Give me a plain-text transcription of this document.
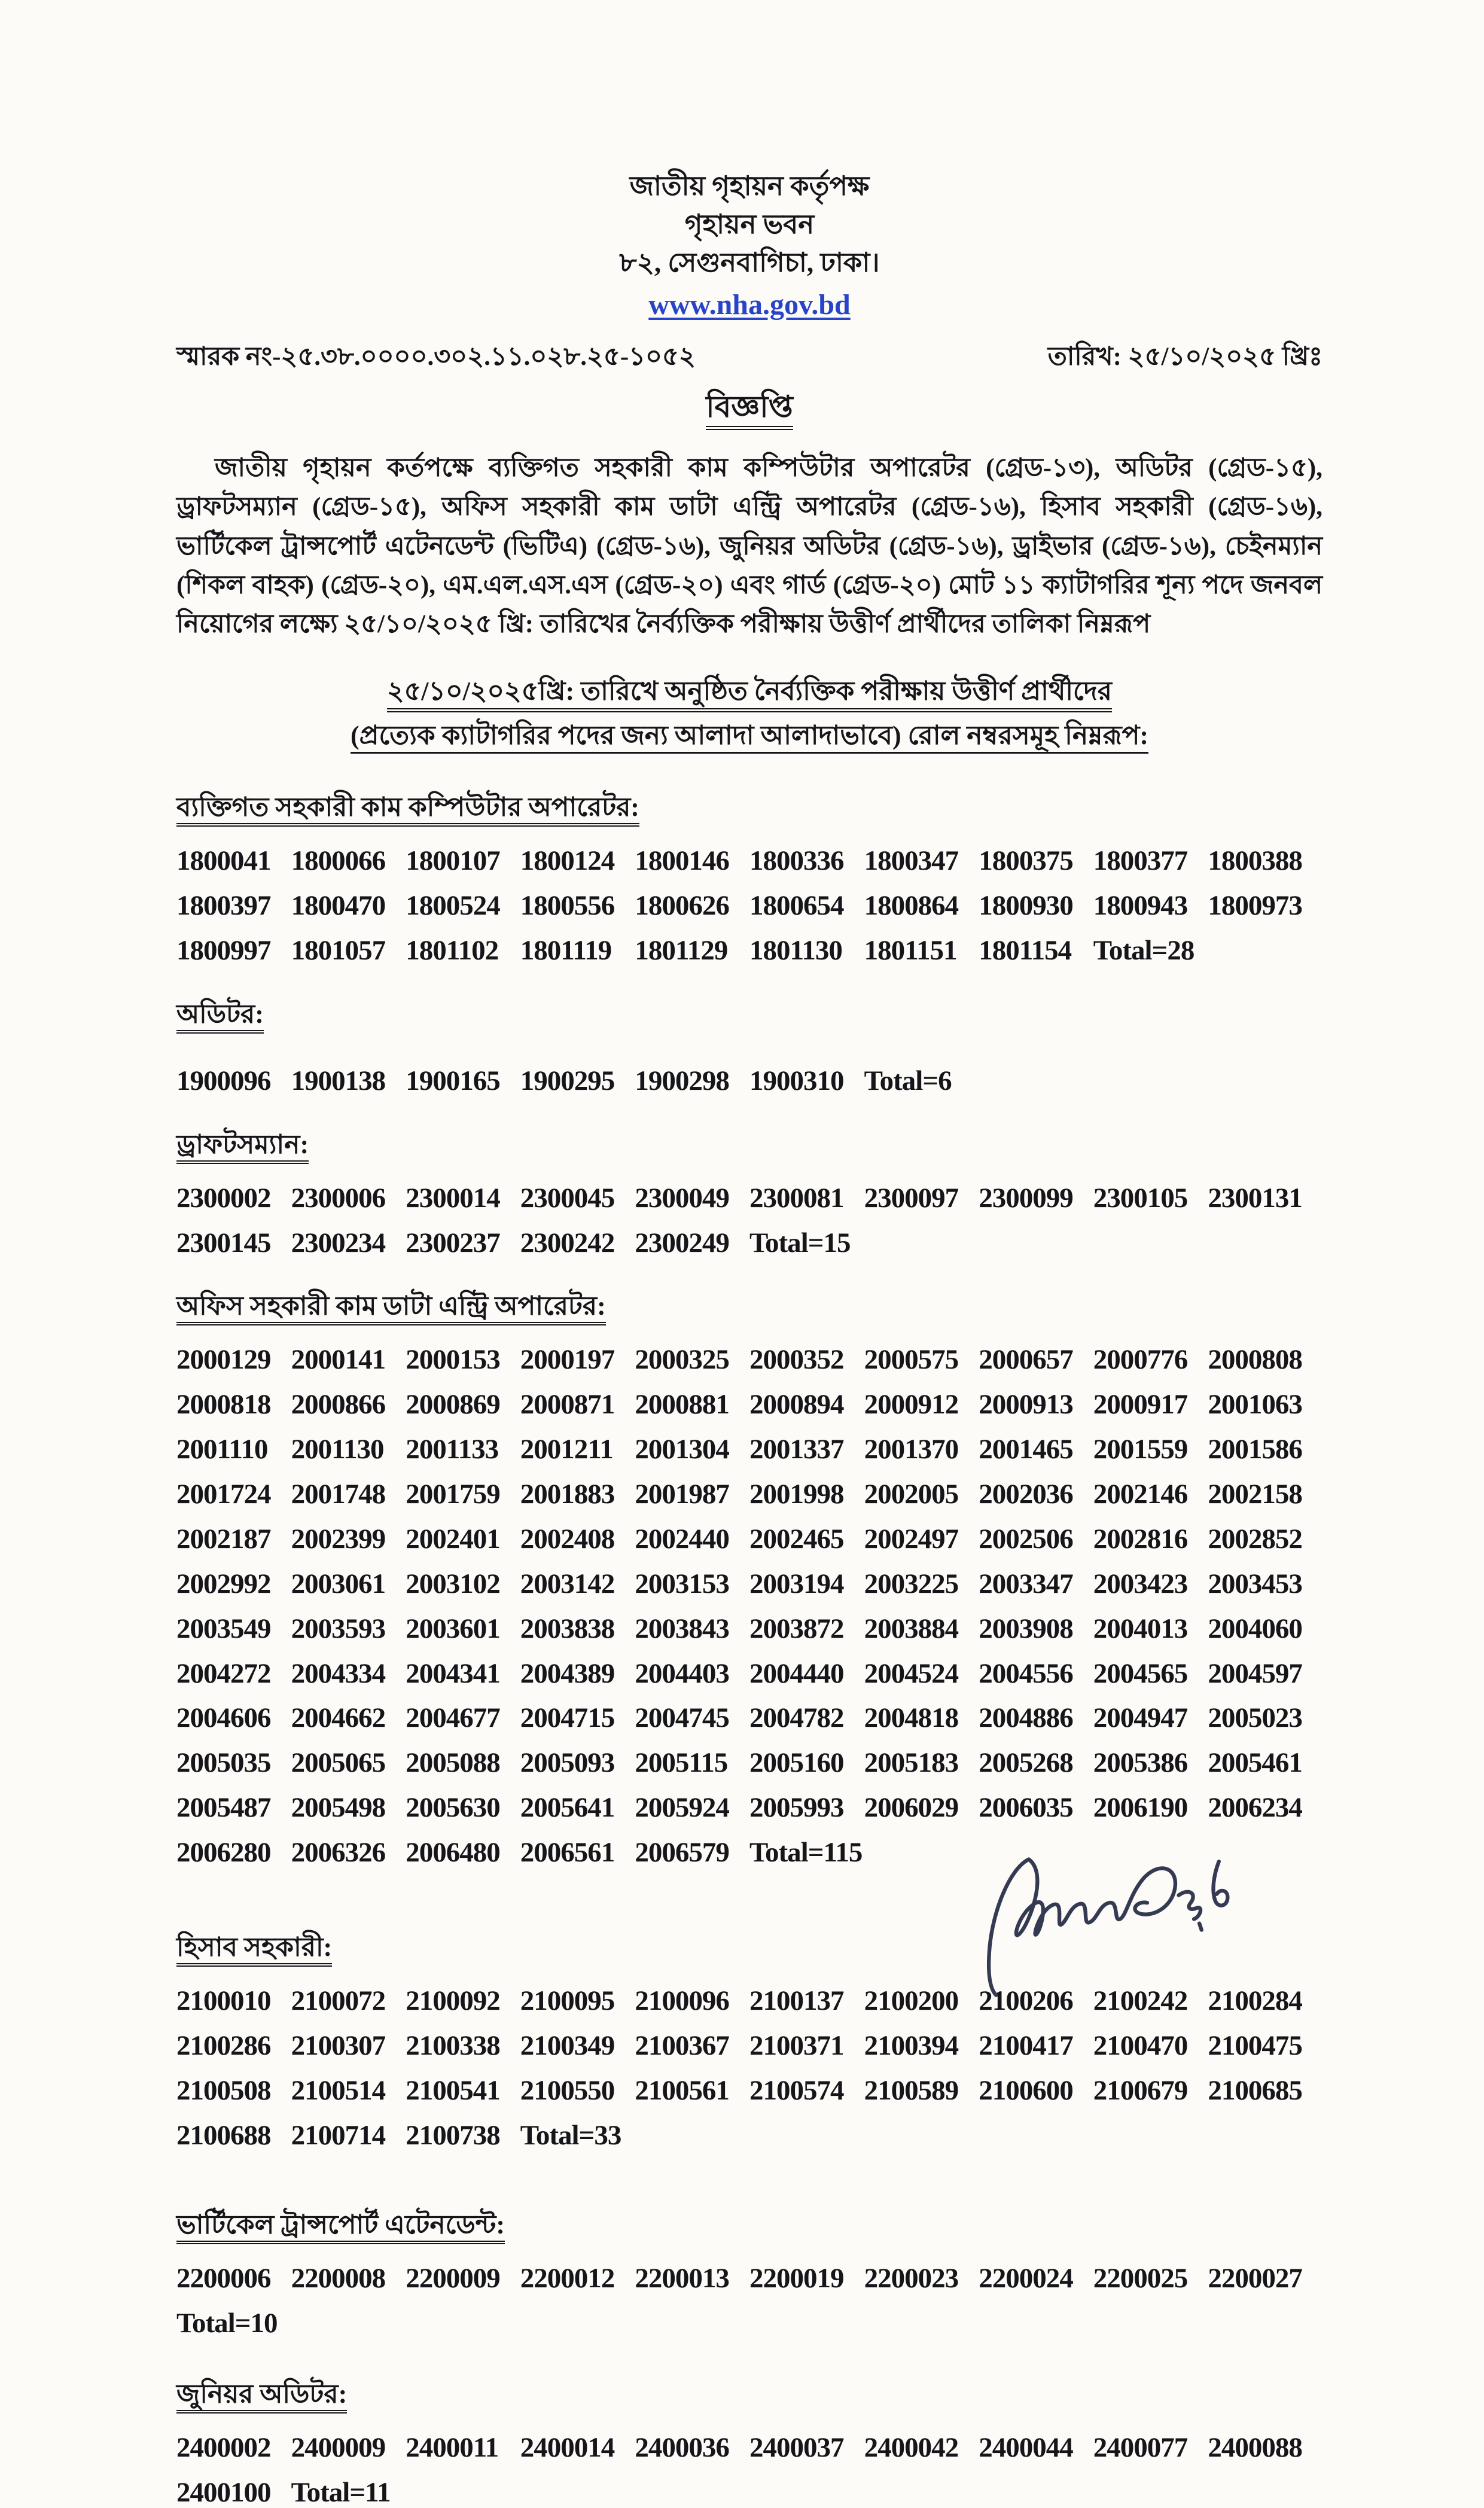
জাতীয় গৃহায়ন কর্তৃপক্ষ
গৃহায়ন ভবন
৮২, সেগুনবাগিচা, ঢাকা।
www.nha.gov.bd
স্মারক নং-২৫.৩৮.০০০০.৩০২.১১.০২৮.২৫-১০৫২	তারিখ: ২৫/১০/২০২৫ খ্রিঃ
বিজ্ঞপ্তি
জাতীয় গৃহায়ন কর্তপক্ষে ব্যক্তিগত সহকারী কাম কম্পিউটার অপারেটর (গ্রেড-১৩), অডিটর (গ্রেড-১৫), ড্রাফটসম্যান (গ্রেড-১৫), অফিস সহকারী কাম ডাটা এন্ট্রি অপারেটর (গ্রেড-১৬), হিসাব সহকারী (গ্রেড-১৬), ভার্টিকেল ট্রান্সপোর্ট এটেনডেন্ট (ভিটিএ) (গ্রেড-১৬), জুনিয়র অডিটর (গ্রেড-১৬), ড্রাইভার (গ্রেড-১৬), চেইনম্যান (শিকল বাহক) (গ্রেড-২০), এম.এল.এস.এস (গ্রেড-২০) এবং গার্ড (গ্রেড-২০) মোট ১১ ক্যাটাগরির শূন্য পদে জনবল নিয়োগের লক্ষ্যে ২৫/১০/২০২৫ খ্রি: তারিখের নৈর্ব্যক্তিক পরীক্ষায় উত্তীর্ণ প্রার্থীদের তালিকা নিম্নরূপ
২৫/১০/২০২৫খ্রি: তারিখে অনুষ্ঠিত নৈর্ব্যক্তিক পরীক্ষায় উত্তীর্ণ প্রার্থীদের
(প্রত্যেক ক্যাটাগরির পদের জন্য আলাদা আলাদাভাবে) রোল নম্বরসমূহ নিম্নরূপ:
ব্যক্তিগত সহকারী কাম কম্পিউটার অপারেটর:
1800041 1800066 1800107 1800124 1800146 1800336 1800347 1800375 1800377 1800388
1800397 1800470 1800524 1800556 1800626 1800654 1800864 1800930 1800943 1800973
1800997 1801057 1801102 1801119 1801129 1801130 1801151 1801154 Total=28
অডিটর:
1900096 1900138 1900165 1900295 1900298 1900310 Total=6
ড্রাফটসম্যান:
2300002 2300006 2300014 2300045 2300049 2300081 2300097 2300099 2300105 2300131
2300145 2300234 2300237 2300242 2300249 Total=15
অফিস সহকারী কাম ডাটা এন্ট্রি অপারেটর:
2000129 2000141 2000153 2000197 2000325 2000352 2000575 2000657 2000776 2000808
2000818 2000866 2000869 2000871 2000881 2000894 2000912 2000913 2000917 2001063
2001110 2001130 2001133 2001211 2001304 2001337 2001370 2001465 2001559 2001586
2001724 2001748 2001759 2001883 2001987 2001998 2002005 2002036 2002146 2002158
2002187 2002399 2002401 2002408 2002440 2002465 2002497 2002506 2002816 2002852
2002992 2003061 2003102 2003142 2003153 2003194 2003225 2003347 2003423 2003453
2003549 2003593 2003601 2003838 2003843 2003872 2003884 2003908 2004013 2004060
2004272 2004334 2004341 2004389 2004403 2004440 2004524 2004556 2004565 2004597
2004606 2004662 2004677 2004715 2004745 2004782 2004818 2004886 2004947 2005023
2005035 2005065 2005088 2005093 2005115 2005160 2005183 2005268 2005386 2005461
2005487 2005498 2005630 2005641 2005924 2005993 2006029 2006035 2006190 2006234
2006280 2006326 2006480 2006561 2006579 Total=115
হিসাব সহকারী:
2100010 2100072 2100092 2100095 2100096 2100137 2100200 2100206 2100242 2100284
2100286 2100307 2100338 2100349 2100367 2100371 2100394 2100417 2100470 2100475
2100508 2100514 2100541 2100550 2100561 2100574 2100589 2100600 2100679 2100685
2100688 2100714 2100738 Total=33
ভার্টিকেল ট্রান্সপোর্ট এটেনডেন্ট:
2200006 2200008 2200009 2200012 2200013 2200019 2200023 2200024 2200025 2200027
Total=10
জুনিয়র অডিটর:
2400002 2400009 2400011 2400014 2400036 2400037 2400042 2400044 2400077 2400088
2400100 Total=11
